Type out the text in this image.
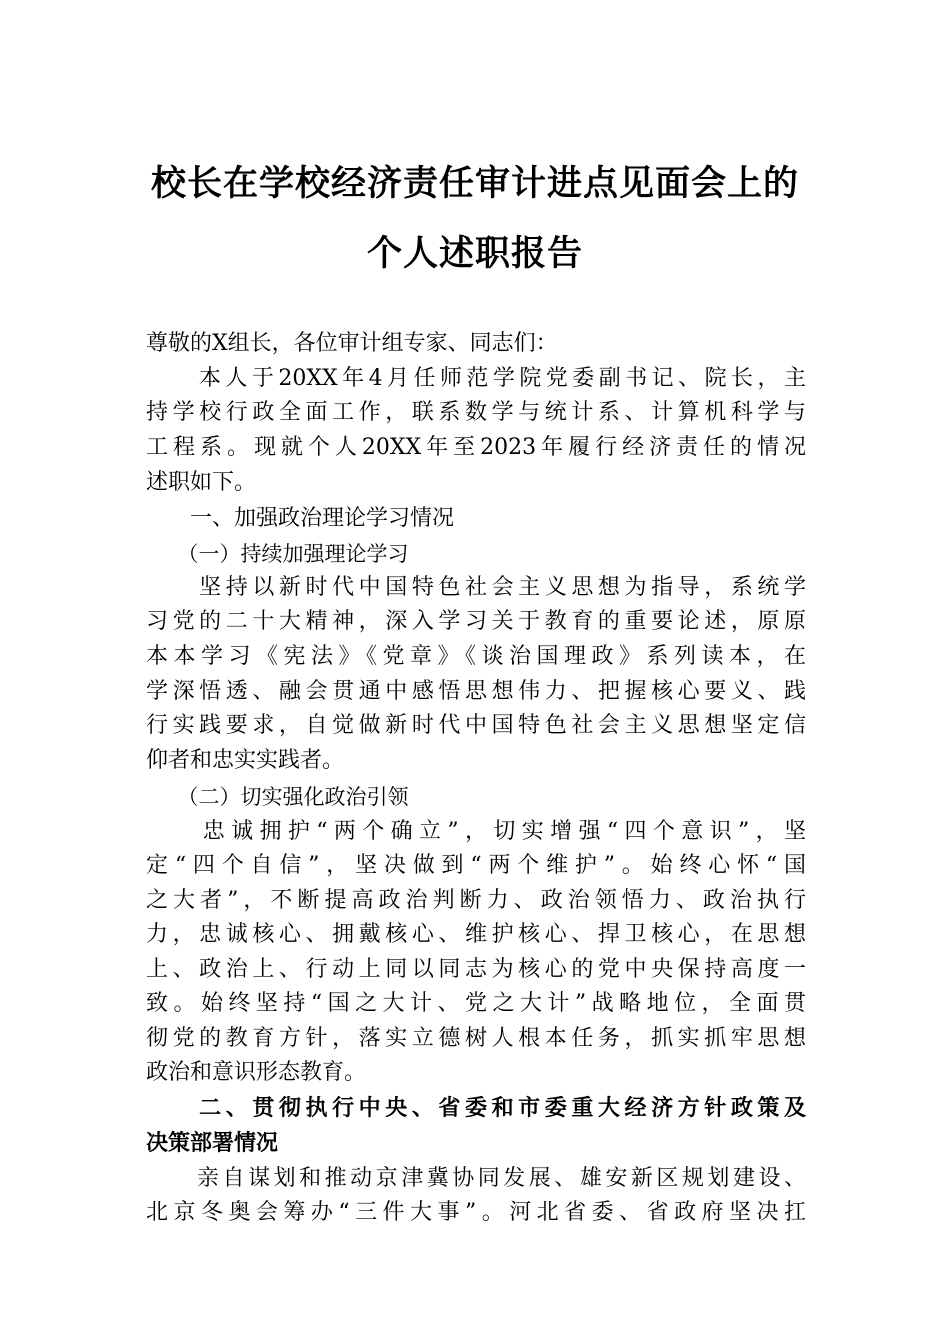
校长在学校经济责任审计进点见面会上的
个人述职报告
尊敬的X组长，各位审计组专家、同志们：
　　本人于20XX年4月任师范学院党委副书记、院长，主
持学校行政全面工作，联系数学与统计系、计算机科学与
工程系。现就个人20XX年至2023年履行经济责任的情况
述职如下。
　　一、加强政治理论学习情况
　　（一）持续加强理论学习
　　坚持以新时代中国特色社会主义思想为指导，系统学
习党的二十大精神，深入学习关于教育的重要论述，原原
本本学习《宪法》《党章》《谈治国理政》系列读本，在
学深悟透、融会贯通中感悟思想伟力、把握核心要义、践
行实践要求，自觉做新时代中国特色社会主义思想坚定信
仰者和忠实实践者。
　　（二）切实强化政治引领
　　忠诚拥护“两个确立”，切实增强“四个意识”，坚
定“四个自信”，坚决做到“两个维护”。始终心怀“国
之大者”，不断提高政治判断力、政治领悟力、政治执行
力，忠诚核心、拥戴核心、维护核心、捍卫核心，在思想
上、政治上、行动上同以同志为核心的党中央保持高度一
致。始终坚持“国之大计、党之大计”战略地位，全面贯
彻党的教育方针，落实立德树人根本任务，抓实抓牢思想
政治和意识形态教育。
　　二、贯彻执行中央、省委和市委重大经济方针政策及
决策部署情况
　　亲自谋划和推动京津冀协同发展、雄安新区规划建设、
北京冬奥会筹办“三件大事”。河北省委、省政府坚决扛
